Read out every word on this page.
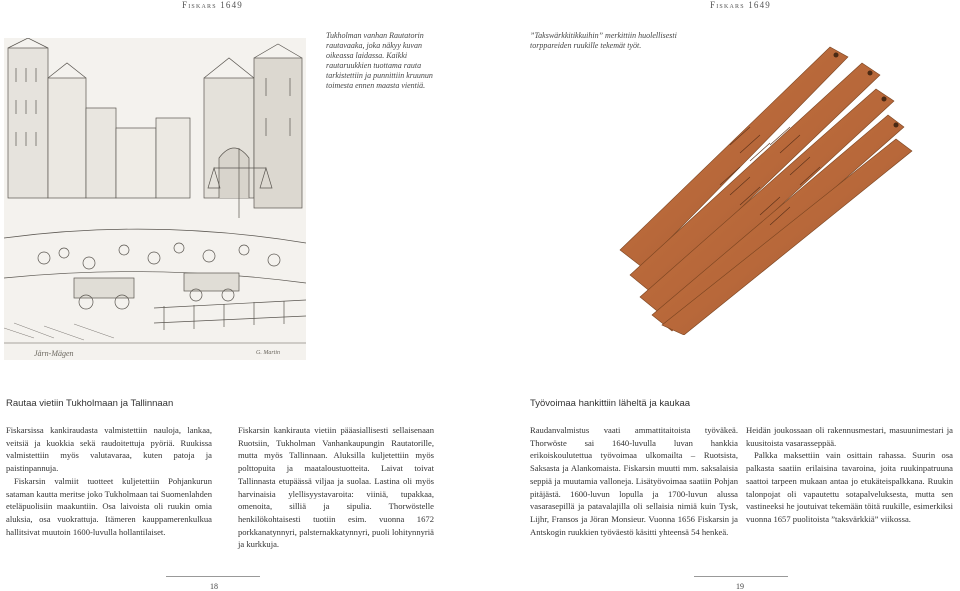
Fiskars 1649	Fiskars 1649
Tukholman vanhan Rautatorin rautavaaka, joka näkyy kuvan oikeassa laidassa. Kaikki rautaruukkien tuottama rauta tarkistettiin ja punnittiin kruunun toimesta ennen maasta vientiä.
”Takswärkkitikkuihin” merkittiin huolellisesti torppareiden ruukille tekemät työt.
Järn-Mägen	G. Martin
Rautaa vietiin Tukholmaan ja Tallinnaan	Työvoimaa hankittiin läheltä ja kaukaa

Fiskarsissa kankiraudasta valmistettiin nauloja, lankaa, veitsiä ja kuokkia sekä raudoitettuja pyöriä. Ruukissa valmistettiin myös valutavaraa, kuten patoja ja paistinpannuja.

Fiskarsin valmiit tuotteet kuljetettiin Pohjankurun sataman kautta meritse joko Tukholmaan tai Suomenlahden eteläpuolisiin maakuntiin. Osa laivoista oli ruukin omia aluksia, osa vuokrattuja. Itämeren kauppamerenkulkua hallitsivat muutoin 1600-luvulla hollantilaiset.

Fiskarsin kankirauta vietiin pääasiallisesti sellaisenaan Ruotsiin, Tukholman Vanhankaupungin Rautatorille, mutta myös Tallinnaan. Aluksilla kuljetettiin myös polttopuita ja maataloustuotteita. Laivat toivat Tallinnasta etupäässä viljaa ja suolaa. Lastina oli myös harvinaisia ylellisyystavaroita: viiniä, tupakkaa, omenoita, silliä ja sipulia. Thorwöstelle henkilökohtaisesti tuotiin esim. vuonna 1672 porkkanatynnyri, palsternakkatynnyri, puoli lohitynnyriä ja kurkkuja.

Raudanvalmistus vaati ammattitaitoista työväkeä. Thorwöste sai 1640-luvulla luvan hankkia erikoiskoulutettua työvoimaa ulkomailta – Ruotsista, Saksasta ja Alankomaista. Fiskarsin muutti mm. saksalaisia seppiä ja muutamia valloneja. Lisätyövoimaa saatiin Pohjan pitäjästä. 1600-luvun lopulla ja 1700-luvun alussa vasarasepillä ja patavalajilla oli sellaisia nimiä kuin Tysk, Lijhr, Fransos ja Jöran Monsieur. Vuonna 1656 Fiskarsin ja Antskogin ruukkien työväestö käsitti yhteensä 54 henkeä.

Heidän joukossaan oli rakennusmestari, masuunimestari ja kuusitoista vasarasseppää.

Palkka maksettiin vain osittain rahassa. Suurin osa palkasta saatiin erilaisina tavaroina, joita ruukinpatruuna saattoi tarpeen mukaan antaa jo etukäteispalkkana. Ruukin talonpojat oli vapautettu sotapalveluksesta, mutta sen vastineeksi he joutuivat tekemään töitä ruukille, esimerkiksi vuonna 1657 puolitoista ”taksvärkkiä” viikossa.

18	19
